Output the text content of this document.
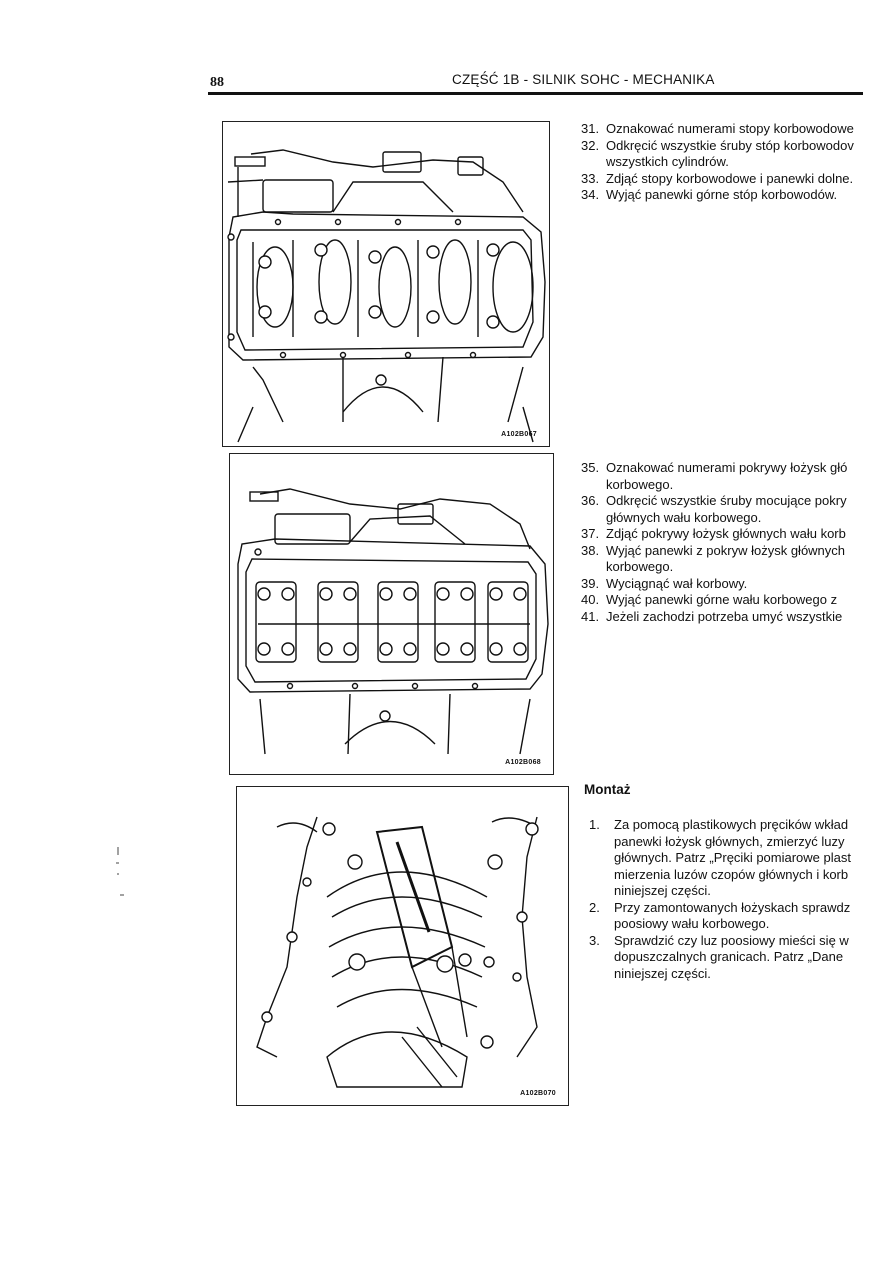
88	CZĘŚĆ 1B - SILNIK SOHC - MECHANIKA
A102B067
A102B068
A102B070
31. Oznakować numerami stopy korbowodowe
32. Odkręcić wszystkie śruby stóp korbowodov
wszystkich cylindrów.
33. Zdjąć stopy korbowodowe i panewki dolne.
34. Wyjąć panewki górne stóp korbowodów.
35. Oznakować numerami pokrywy łożysk głó
korbowego.
36. Odkręcić wszystkie śruby mocujące pokry
głównych wału korbowego.
37. Zdjąć pokrywy łożysk głównych wału korb
38. Wyjąć panewki z pokryw łożysk głównych
korbowego.
39. Wyciągnąć wał korbowy.
40. Wyjąć panewki górne wału korbowego z
41. Jeżeli zachodzi potrzeba umyć wszystkie
Montaż
1. Za pomocą plastikowych pręcików wkład
panewki łożysk głównych, zmierzyć luzy
głównych. Patrz „Pręciki pomiarowe plast
mierzenia luzów czopów głównych i korb
niniejszej części.
2. Przy zamontowanych łożyskach sprawdz
poosiowy wału korbowego.
3. Sprawdzić czy luz poosiowy mieści się w
dopuszczalnych granicach. Patrz „Dane
niniejszej części.
